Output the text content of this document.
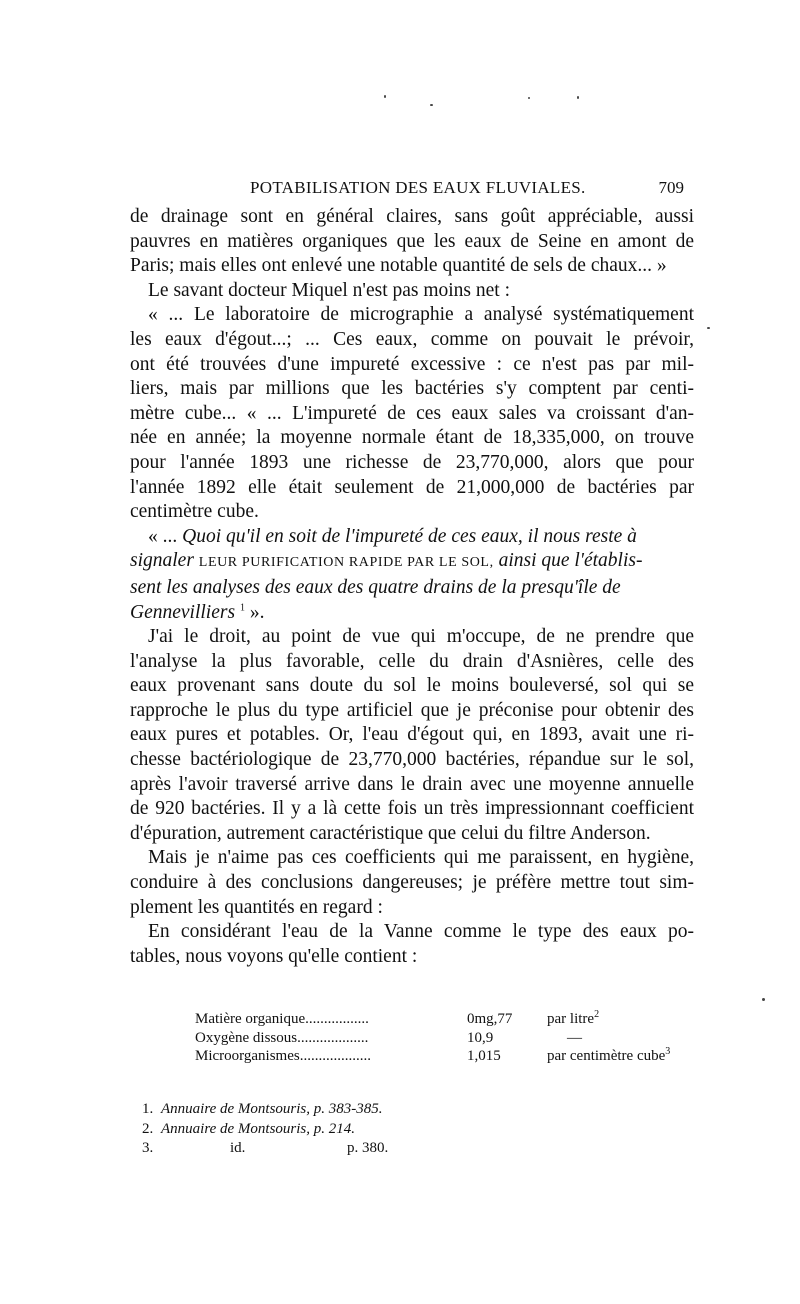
POTABILISATION DES EAUX FLUVIALES.	709
de drainage sont en général claires, sans goût appréciable, aussi
pauvres en matières organiques que les eaux de Seine en amont de
Paris; mais elles ont enlevé une notable quantité de sels de chaux... »
Le savant docteur Miquel n'est pas moins net :
« ... Le laboratoire de micrographie a analysé systématiquement
les eaux d'égout...; ... Ces eaux, comme on pouvait le prévoir,
ont été trouvées d'une impureté excessive : ce n'est pas par mil-
liers, mais par millions que les bactéries s'y comptent par centi-
mètre cube... « ... L'impureté de ces eaux sales va croissant d'an-
née en année; la moyenne normale étant de 18,335,000, on trouve
pour l'année 1893 une richesse de 23,770,000, alors que pour
l'année 1892 elle était seulement de 21,000,000 de bactéries par
centimètre cube.
« ... Quoi qu'il en soit de l'impureté de ces eaux, il nous reste à
signaler LEUR PURIFICATION RAPIDE PAR LE SOL, ainsi que l'établis-
sent les analyses des eaux des quatre drains de la presqu'île de
Gennevilliers $^1$ ».
J'ai le droit, au point de vue qui m'occupe, de ne prendre que
l'analyse la plus favorable, celle du drain d'Asnières, celle des
eaux provenant sans doute du sol le moins bouleversé, sol qui se
rapproche le plus du type artificiel que je préconise pour obtenir des
eaux pures et potables. Or, l'eau d'égout qui, en 1893, avait une ri-
chesse bactériologique de 23,770,000 bactéries, répandue sur le sol,
après l'avoir traversé arrive dans le drain avec une moyenne annuelle
de 920 bactéries. Il y a là cette fois un très impressionnant coefficient
d'épuration, autrement caractéristique que celui du filtre Anderson.
Mais je n'aime pas ces coefficients qui me paraissent, en hygiène,
conduire à des conclusions dangereuses; je préfère mettre tout sim-
plement les quantités en regard :
En considérant l'eau de la Vanne comme le type des eaux po-
tables, nous voyons qu'elle contient :
Matière organique.................	0mg,77 par litre$^2$
Oxygène dissous...................	10,9	—
Microorganismes...................	1,015	par centimètre cube$^3$
1. Annuaire de Montsouris, p. 383-385.
2. Annuaire de Montsouris, p. 214.
3.	id.	p. 380.
